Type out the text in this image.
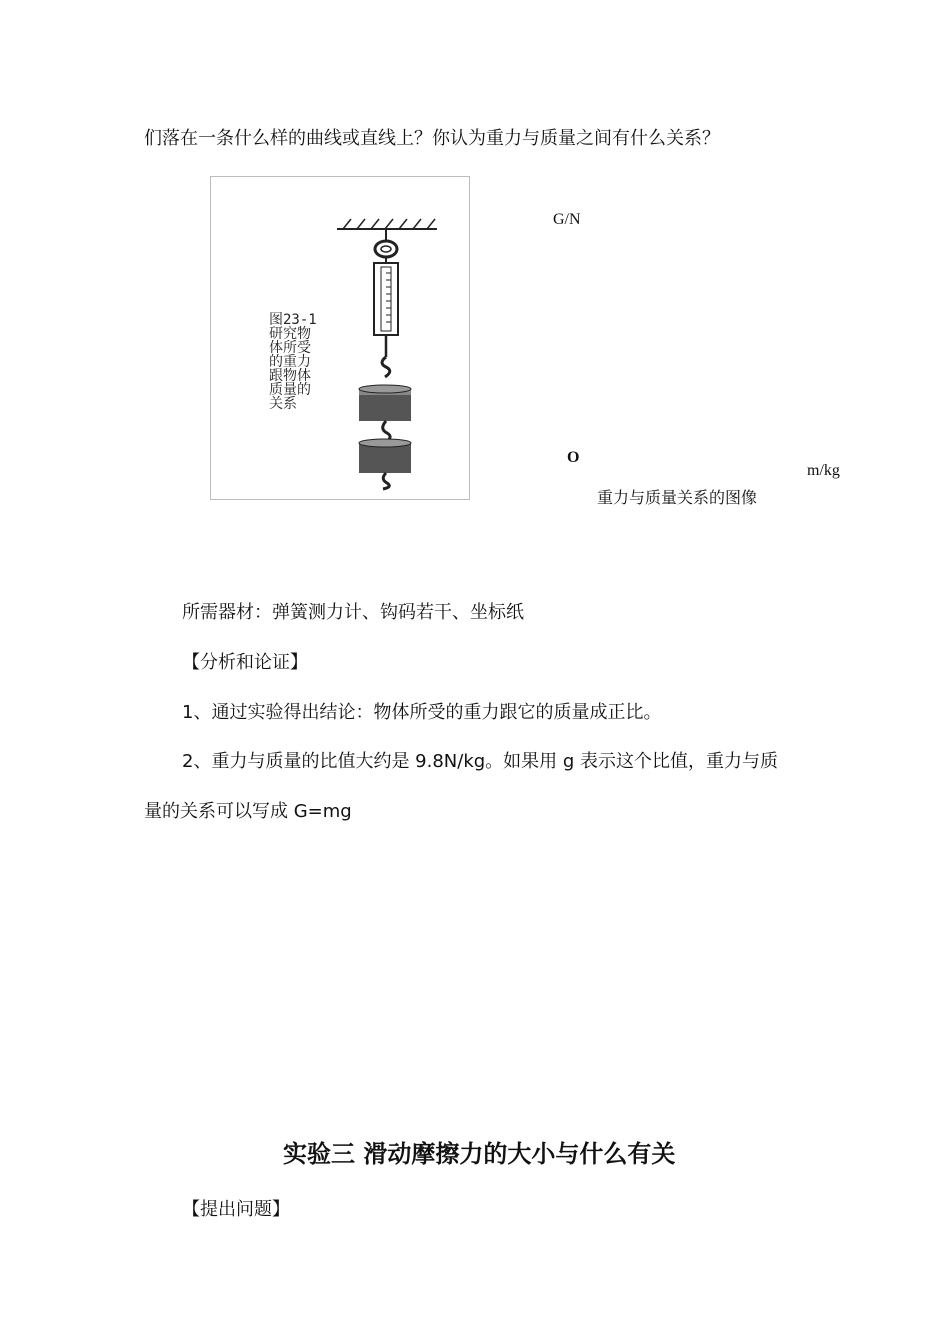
们落在一条什么样的曲线或直线上？你认为重力与质量之间有什么关系？
图23-1
研究物
体所受
的重力
跟物体
质量的
关系
G/N
O
m/kg
重力与质量关系的图像
所需器材：弹簧测力计、钩码若干、坐标纸
【分析和论证】
1、通过实验得出结论：物体所受的重力跟它的质量成正比。
2、重力与质量的比值大约是 9.8N/kg。如果用 g 表示这个比值，重力与质
量的关系可以写成 G=mg
实验三 滑动摩擦力的大小与什么有关
【提出问题】
